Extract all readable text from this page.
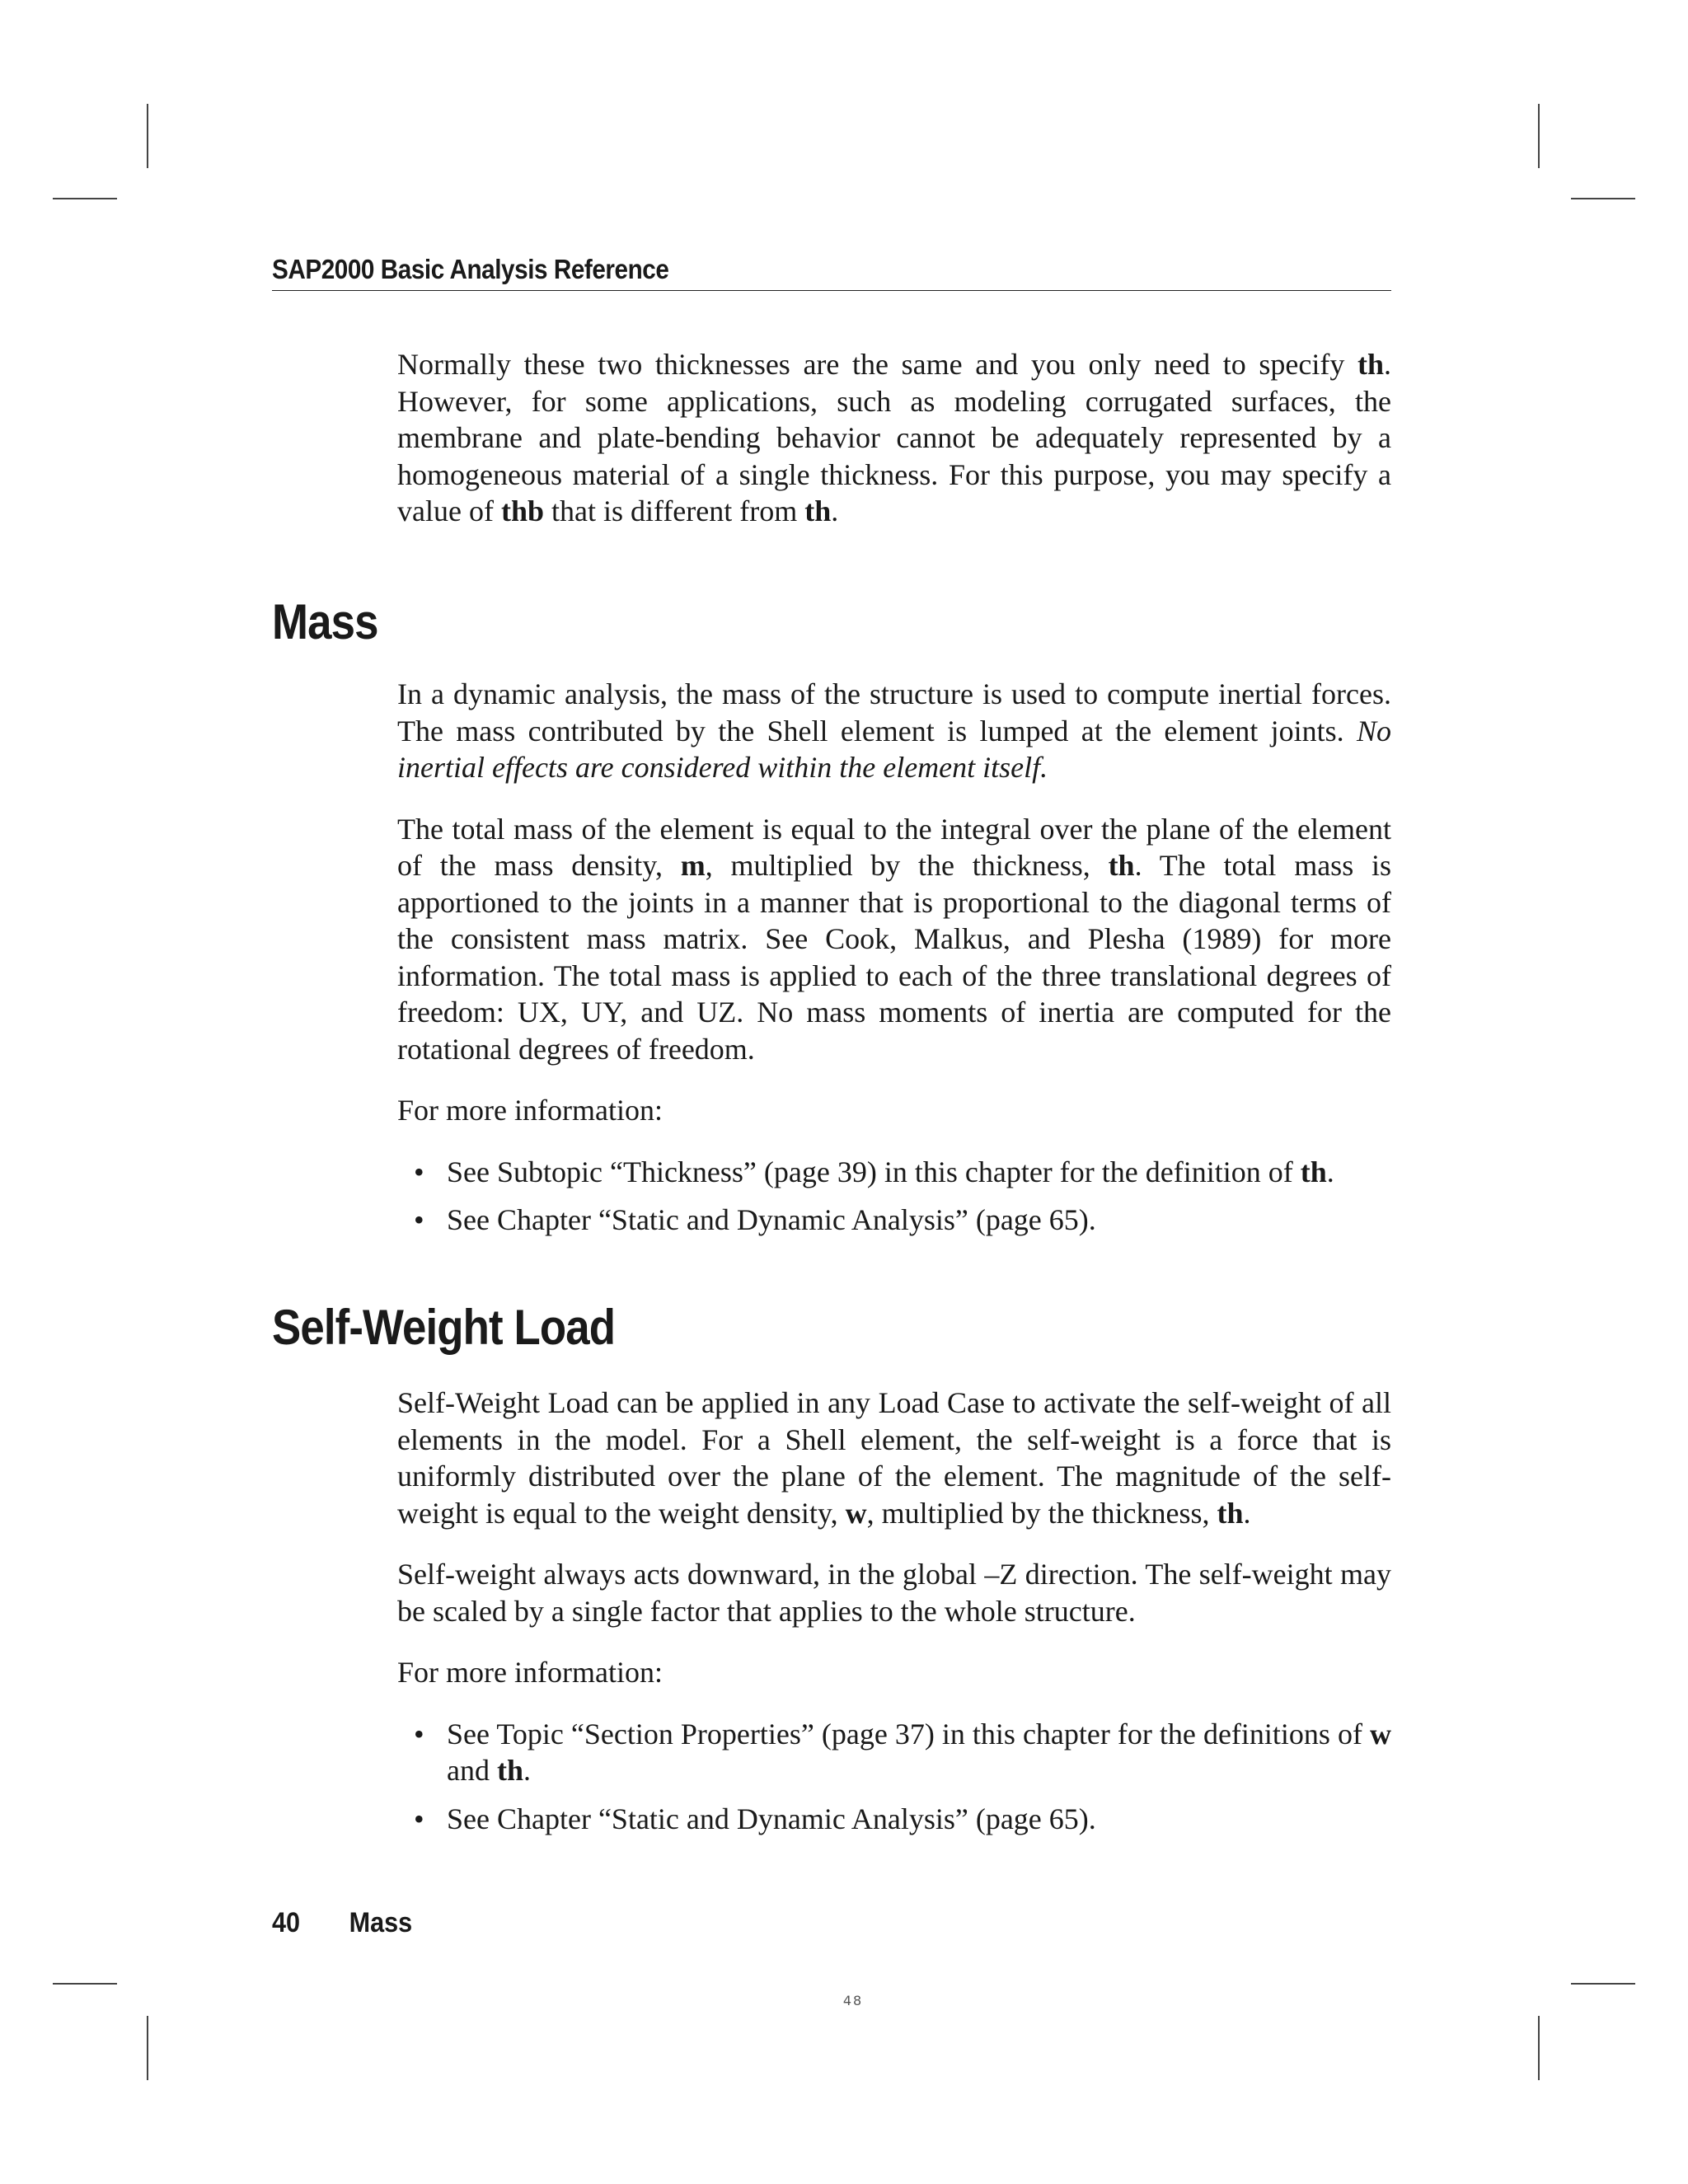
SAP2000 Basic Analysis Reference

Normally these two thicknesses are the same and you only need to specify th. However, for some applications, such as modeling corrugated surfaces, the membrane and plate-bending behavior cannot be adequately represented by a homogeneous material of a single thickness. For this purpose, you may specify a value of thb that is different from th.

Mass

In a dynamic analysis, the mass of the structure is used to compute inertial forces. The mass contributed by the Shell element is lumped at the element joints. No inertial effects are considered within the element itself.

The total mass of the element is equal to the integral over the plane of the element of the mass density, m, multiplied by the thickness, th. The total mass is apportioned to the joints in a manner that is proportional to the diagonal terms of the consistent mass matrix. See Cook, Malkus, and Plesha (1989) for more information. The total mass is applied to each of the three translational degrees of freedom: UX, UY, and UZ. No mass moments of inertia are computed for the rotational degrees of freedom.

For more information:

• See Subtopic “Thickness” (page 39) in this chapter for the definition of th.
• See Chapter “Static and Dynamic Analysis” (page 65).
Self-Weight Load

Self-Weight Load can be applied in any Load Case to activate the self-weight of all elements in the model. For a Shell element, the self-weight is a force that is uniformly distributed over the plane of the element. The magnitude of the self-weight is equal to the weight density, w, multiplied by the thickness, th.

Self-weight always acts downward, in the global –Z direction. The self-weight may be scaled by a single factor that applies to the whole structure.

For more information:

• See Topic “Section Properties” (page 37) in this chapter for the definitions of w and th.
• See Chapter “Static and Dynamic Analysis” (page 65).
40 Mass
48
